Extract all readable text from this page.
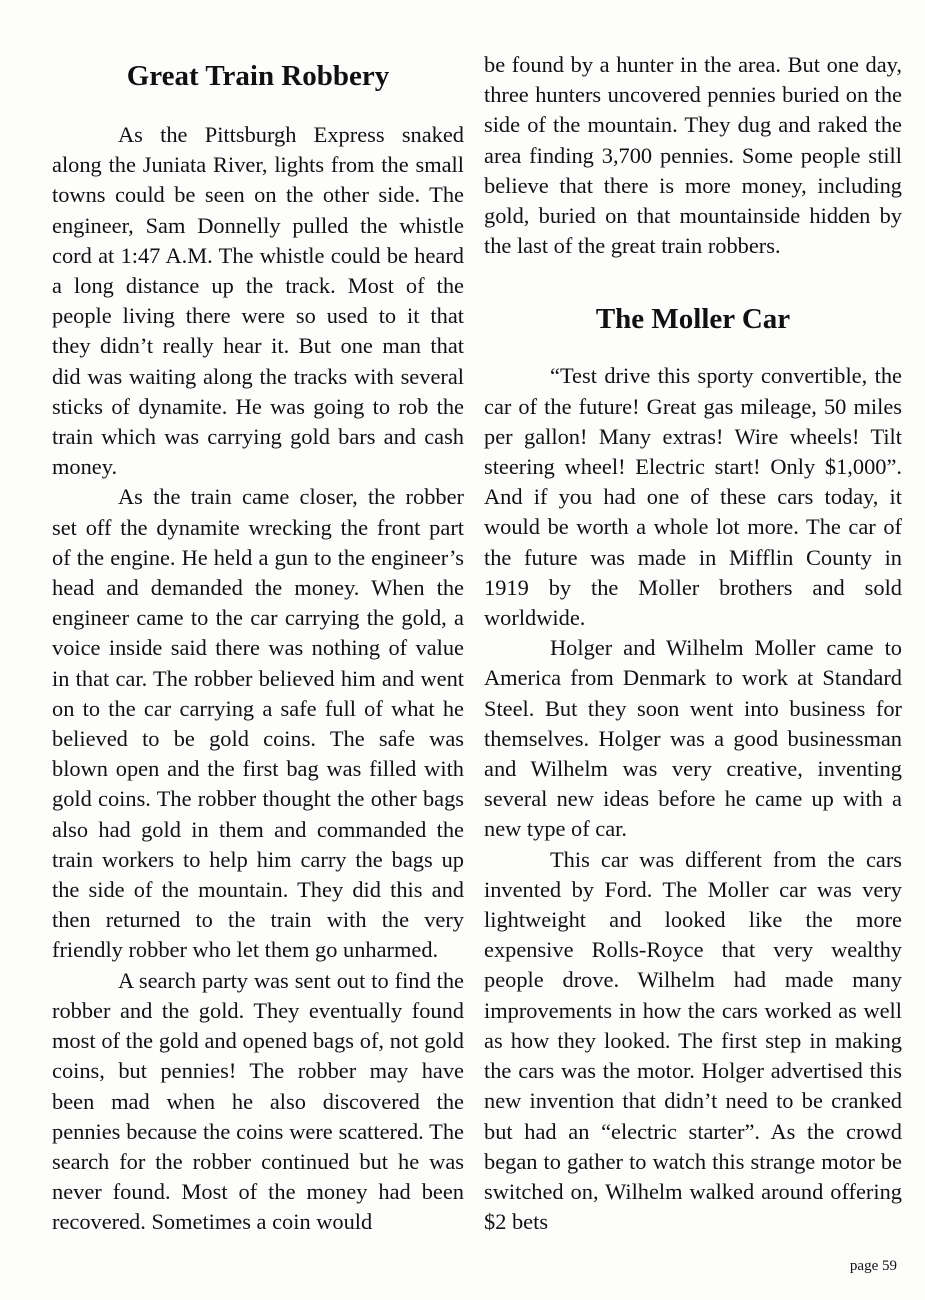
Great Train Robbery

As the Pittsburgh Express snaked along the Juniata River, lights from the small towns could be seen on the other side. The engineer, Sam Donnelly pulled the whistle cord at 1:47 A.M. The whistle could be heard a long distance up the track. Most of the people living there were so used to it that they didn’t really hear it. But one man that did was waiting along the tracks with several sticks of dynamite. He was going to rob the train which was carrying gold bars and cash money.

As the train came closer, the robber set off the dynamite wrecking the front part of the engine. He held a gun to the engineer’s head and demanded the money. When the engineer came to the car carrying the gold, a voice inside said there was nothing of value in that car. The robber believed him and went on to the car carrying a safe full of what he believed to be gold coins. The safe was blown open and the first bag was filled with gold coins. The robber thought the other bags also had gold in them and commanded the train workers to help him carry the bags up the side of the mountain. They did this and then returned to the train with the very friendly robber who let them go unharmed.

A search party was sent out to find the robber and the gold. They eventually found most of the gold and opened bags of, not gold coins, but pennies! The robber may have been mad when he also discovered the pennies because the coins were scattered. The search for the robber continued but he was never found. Most of the money had been recovered. Sometimes a coin would

be found by a hunter in the area. But one day, three hunters uncovered pennies buried on the side of the mountain. They dug and raked the area finding 3,700 pennies. Some people still believe that there is more money, including gold, buried on that mountainside hidden by the last of the great train robbers.

The Moller Car

“Test drive this sporty convertible, the car of the future! Great gas mileage, 50 miles per gallon! Many extras! Wire wheels! Tilt steering wheel! Electric start! Only $1,000”. And if you had one of these cars today, it would be worth a whole lot more. The car of the future was made in Mifflin County in 1919 by the Moller brothers and sold worldwide.

Holger and Wilhelm Moller came to America from Denmark to work at Standard Steel. But they soon went into business for themselves. Holger was a good businessman and Wilhelm was very creative, inventing several new ideas before he came up with a new type of car.

This car was different from the cars invented by Ford. The Moller car was very lightweight and looked like the more expensive Rolls-Royce that very wealthy people drove. Wilhelm had made many improvements in how the cars worked as well as how they looked. The first step in making the cars was the motor. Holger advertised this new invention that didn’t need to be cranked but had an “electric starter”. As the crowd began to gather to watch this strange motor be switched on, Wilhelm walked around offering $2 bets

page 59
